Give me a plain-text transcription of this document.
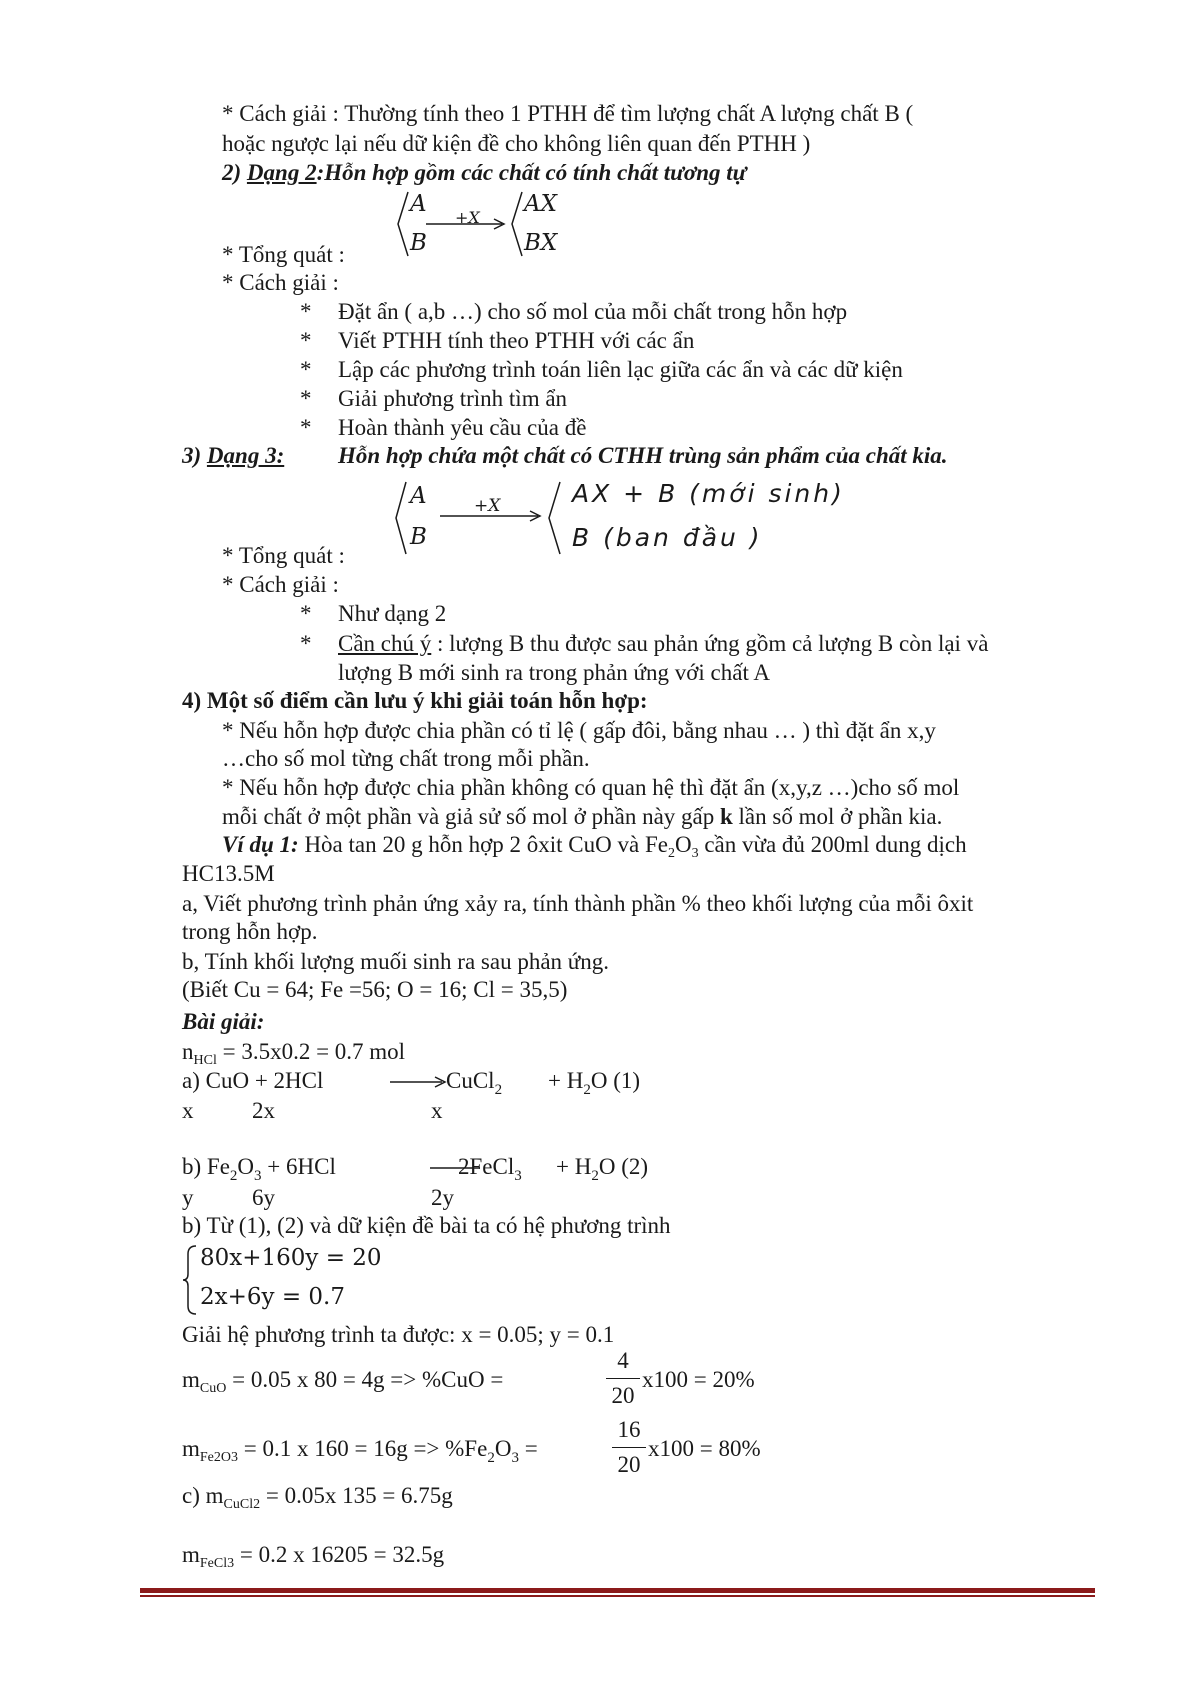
* Cách giải : Thường tính theo 1 PTHH để tìm lượng chất A lượng chất B (
hoặc ngược lại nếu dữ kiện đề cho không liên quan đến PTHH )
2) Dạng 2:Hỗn hợp gồm các chất có tính chất tương tự
A
B
+X
AX
BX
* Tổng quát :
* Cách giải :
* Đặt ẩn ( a,b …) cho số mol của mỗi chất trong hỗn hợp
* Viết PTHH tính theo PTHH với các ẩn
* Lập các phương trình toán liên lạc giữa các ẩn và các dữ kiện
* Giải phương trình tìm ẩn
* Hoàn thành yêu cầu của đề
3) Dạng 3: Hỗn hợp chứa một chất có CTHH trùng sản phẩm của chất kia.
A
B
+X	AX + B (mới sinh)
B (ban đầu )
* Tổng quát :
* Cách giải :
* Như dạng 2
* Cần chú ý : lượng B thu được sau phản ứng gồm cả lượng B còn lại và
lượng B mới sinh ra trong phản ứng với chất A
4) Một số điểm cần lưu ý khi giải toán hỗn hợp:
* Nếu hỗn hợp được chia phần có tỉ lệ ( gấp đôi, bằng nhau … ) thì đặt ẩn x,y
…cho số mol từng chất trong mỗi phần.
* Nếu hỗn hợp được chia phần không có quan hệ thì đặt ẩn (x,y,z …)cho số mol
mỗi chất ở một phần và giả sử số mol ở phần này gấp k lần số mol ở phần kia.
Ví dụ 1: Hòa tan 20 g hỗn hợp 2 ôxit CuO và $Fe_2O_3$ cần vừa đủ 200ml dung dịch
HC13.5M
a, Viết phương trình phản ứng xảy ra, tính thành phần % theo khối lượng của mỗi ôxit
trong hỗn hợp.
b, Tính khối lượng muối sinh ra sau phản ứng.
(Biết Cu = 64; Fe =56; O = 16; Cl = 35,5)
Bài giải:
$n_{HCl} = 3.5x0.2 = 0.7$ mol
a) CuO + 2HCl	CuCl$_2$ + $H_2O$ (1)
x	2x	x
b) $Fe_2O_3 + 6HCl$	2FeCl$_3$ + $H_2O$ (2)
y	6y	2y
b) Từ (1), (2) và dữ kiện đề bài ta có hệ phương trình
80x+160y = 20
2x+6y = 0.7
Giải hệ phương trình ta được: x = 0.05; y = 0.1
$m_{CuO} = 0.05$ x 80 = 4g => %CuO =
4
20
x100 = 20%
$m_{Fe2O3} = 0.1$ x $160 = 16g => \%Fe_2O_3$ =
16
20
x100 = 80%
c) $m_{CuCl2} = 0.05x$ 135 = 6.75g
$m_{FeCl3} = 0.2$ x 16205 = 32.5g
